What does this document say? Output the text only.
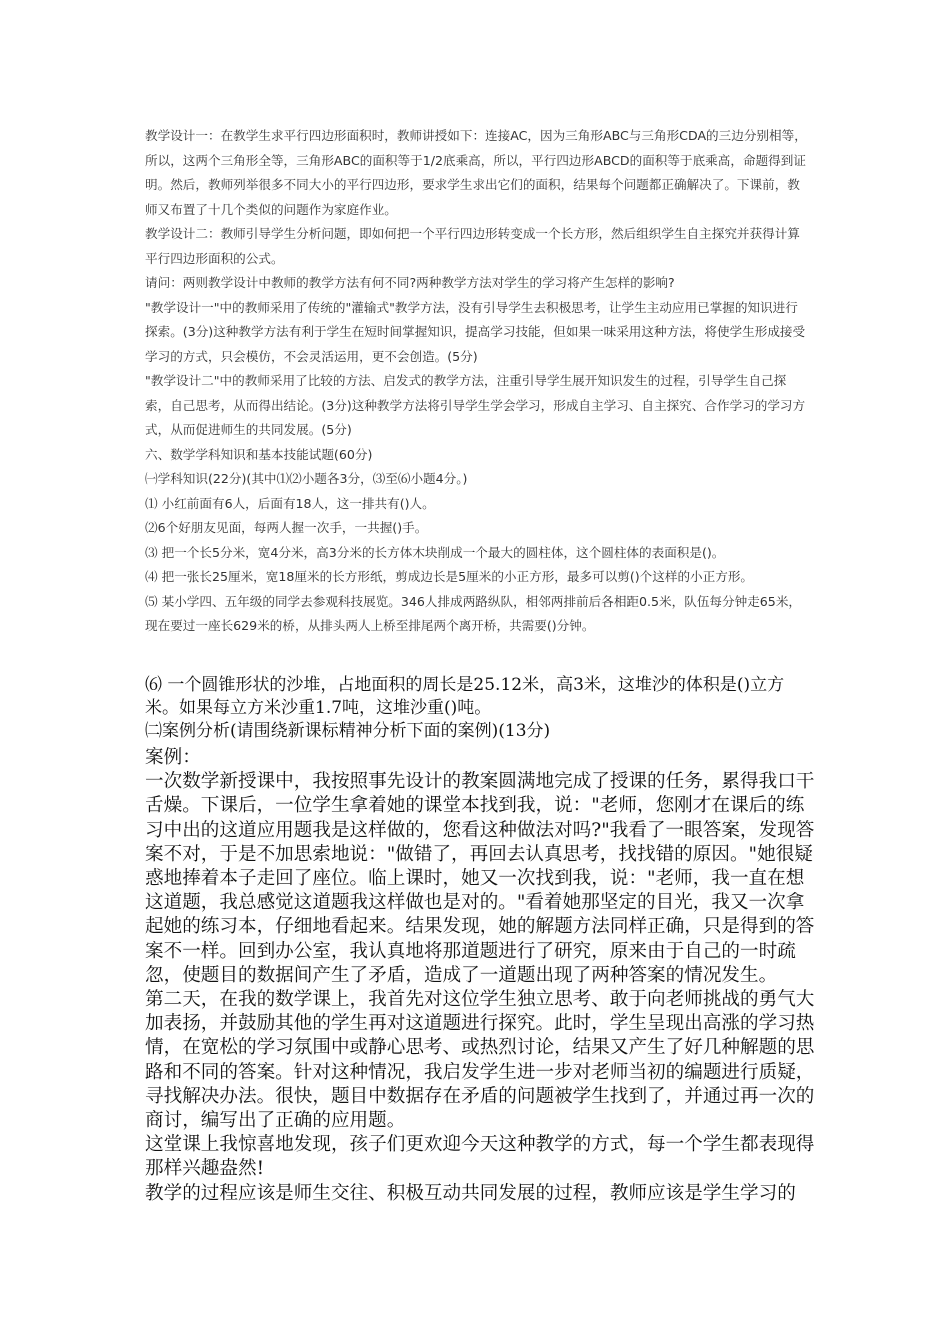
教学设计一：在教学生求平行四边形面积时，教师讲授如下：连接AC，因为三角形ABC与三角形CDA的三边分别相等，所以，这两个三角形全等，三角形ABC的面积等于1/2底乘高，所以，平行四边形ABCD的面积等于底乘高，命题得到证明。然后，教师列举很多不同大小的平行四边形，要求学生求出它们的面积，结果每个问题都正确解决了。下课前，教师又布置了十几个类似的问题作为家庭作业。

教学设计二：教师引导学生分析问题，即如何把一个平行四边形转变成一个长方形，然后组织学生自主探究并获得计算平行四边形面积的公式。

请问：两则教学设计中教师的教学方法有何不同?两种教学方法对学生的学习将产生怎样的影响?

"教学设计一"中的教师采用了传统的"灌输式"教学方法，没有引导学生去积极思考，让学生主动应用已掌握的知识进行探索。(3分)这种教学方法有利于学生在短时间掌握知识，提高学习技能，但如果一味采用这种方法，将使学生形成接受学习的方式，只会模仿，不会灵活运用，更不会创造。(5分)

"教学设计二"中的教师采用了比较的方法、启发式的教学方法，注重引导学生展开知识发生的过程，引导学生自己探索，自己思考，从而得出结论。(3分)这种教学方法将引导学生学会学习，形成自主学习、自主探究、合作学习的学习方式，从而促进师生的共同发展。(5分)

六、数学学科知识和基本技能试题(60分)

㈠学科知识(22分)(其中⑴⑵小题各3分，⑶至⑹小题4分。)

⑴ 小红前面有6人，后面有18人，这一排共有()人。

⑵6个好朋友见面，每两人握一次手，一共握()手。

⑶ 把一个长5分米，宽4分米，高3分米的长方体木块削成一个最大的圆柱体，这个圆柱体的表面积是()。

⑷ 把一张长25厘米，宽18厘米的长方形纸，剪成边长是5厘米的小正方形，最多可以剪()个这样的小正方形。

⑸ 某小学四、五年级的同学去参观科技展览。346人排成两路纵队，相邻两排前后各相距0.5米，队伍每分钟走65米，现在要过一座长629米的桥，从排头两人上桥至排尾两个离开桥，共需要()分钟。

⑹ 一个圆锥形状的沙堆，占地面积的周长是25.12米，高3米，这堆沙的体积是()立方米。如果每立方米沙重1.7吨，这堆沙重()吨。

㈡案例分析(请围绕新课标精神分析下面的案例)(13分)

案例：

一次数学新授课中，我按照事先设计的教案圆满地完成了授课的任务，累得我口干舌燥。下课后，一位学生拿着她的课堂本找到我，说："老师，您刚才在课后的练习中出的这道应用题我是这样做的，您看这种做法对吗?"我看了一眼答案，发现答案不对，于是不加思索地说："做错了，再回去认真思考，找找错的原因。"她很疑惑地捧着本子走回了座位。临上课时，她又一次找到我，说："老师，我一直在想这道题，我总感觉这道题我这样做也是对的。"看着她那坚定的目光，我又一次拿起她的练习本，仔细地看起来。结果发现，她的解题方法同样正确，只是得到的答案不一样。回到办公室，我认真地将那道题进行了研究，原来由于自己的一时疏忽，使题目的数据间产生了矛盾，造成了一道题出现了两种答案的情况发生。

第二天，在我的数学课上，我首先对这位学生独立思考、敢于向老师挑战的勇气大加表扬，并鼓励其他的学生再对这道题进行探究。此时，学生呈现出高涨的学习热情，在宽松的学习氛围中或静心思考、或热烈讨论，结果又产生了好几种解题的思路和不同的答案。针对这种情况，我启发学生进一步对老师当初的编题进行质疑，寻找解决办法。很快，题目中数据存在矛盾的问题被学生找到了，并通过再一次的商讨，编写出了正确的应用题。

这堂课上我惊喜地发现，孩子们更欢迎今天这种教学的方式，每一个学生都表现得那样兴趣盎然!

教学的过程应该是师生交往、积极互动共同发展的过程，教师应该是学生学习的
